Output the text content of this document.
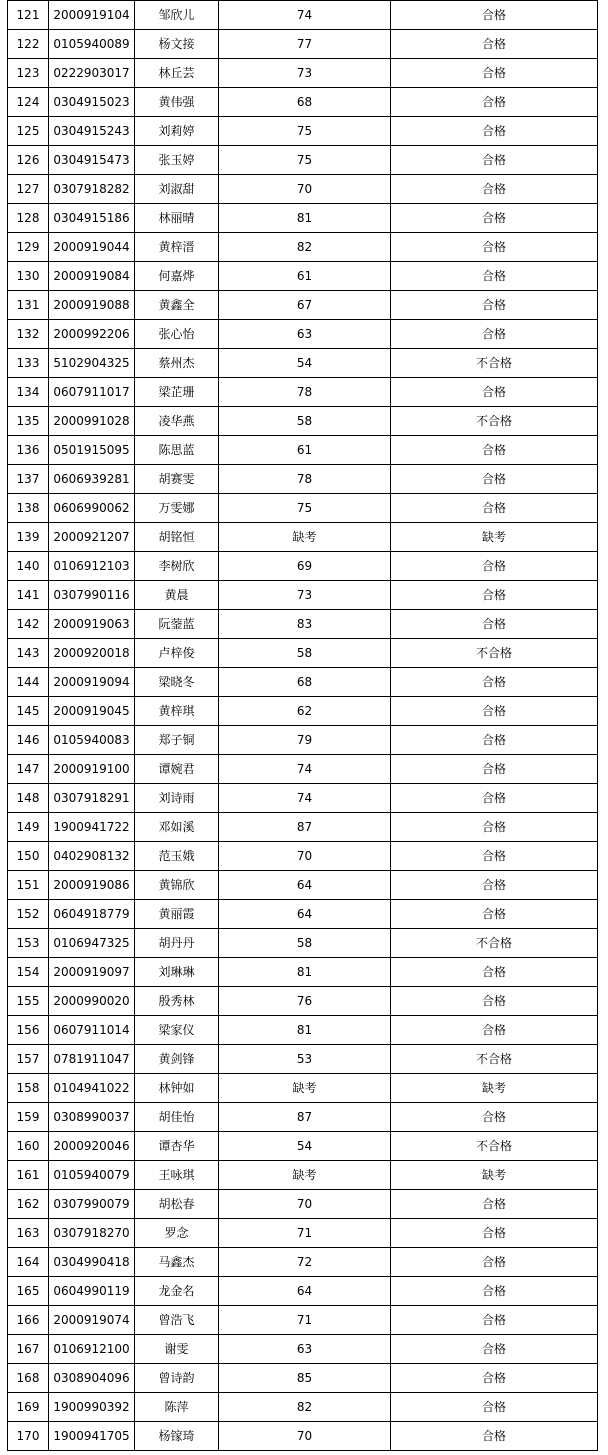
121	2000919104	邹欣儿	74	合格
122	0105940089	杨文接	77	合格
123	0222903017	林丘芸	73	合格
124	0304915023	黄伟强	68	合格
125	0304915243	刘莉婷	75	合格
126	0304915473	张玉婷	75	合格
127	0307918282	刘淑甜	70	合格
128	0304915186	林丽晴	81	合格
129	2000919044	黄梓溍	82	合格
130	2000919084	何嘉烨	61	合格
131	2000919088	黄鑫全	67	合格
132	2000992206	张心怡	63	合格
133	5102904325	蔡州杰	54	不合格
134	0607911017	梁芷珊	78	合格
135	2000991028	凌华燕	58	不合格
136	0501915095	陈思蓝	61	合格
137	0606939281	胡赛雯	78	合格
138	0606990062	万雯娜	75	合格
139	2000921207	胡铭恒	缺考	缺考
140	0106912103	李树欣	69	合格
141	0307990116	黄晨	73	合格
142	2000919063	阮蓥蓝	83	合格
143	2000920018	卢梓俊	58	不合格
144	2000919094	梁晓冬	68	合格
145	2000919045	黄梓琪	62	合格
146	0105940083	郑子铜	79	合格
147	2000919100	谭婉君	74	合格
148	0307918291	刘诗雨	74	合格
149	1900941722	邓如溪	87	合格
150	0402908132	范玉娥	70	合格
151	2000919086	黄锦欣	64	合格
152	0604918779	黄丽霞	64	合格
153	0106947325	胡丹丹	58	不合格
154	2000919097	刘琳琳	81	合格
155	2000990020	殷秀林	76	合格
156	0607911014	梁家仪	81	合格
157	0781911047	黄剑锋	53	不合格
158	0104941022	林钟如	缺考	缺考
159	0308990037	胡佳怡	87	合格
160	2000920046	谭杏华	54	不合格
161	0105940079	王咏琪	缺考	缺考
162	0307990079	胡松春	70	合格
163	0307918270	罗念	71	合格
164	0304990418	马鑫杰	72	合格
165	0604990119	龙金名	64	合格
166	2000919074	曾浩飞	71	合格
167	0106912100	谢雯	63	合格
168	0308904096	曾诗韵	85	合格
169	1900990392	陈萍	82	合格
170	1900941705	杨镓琦	70	合格
